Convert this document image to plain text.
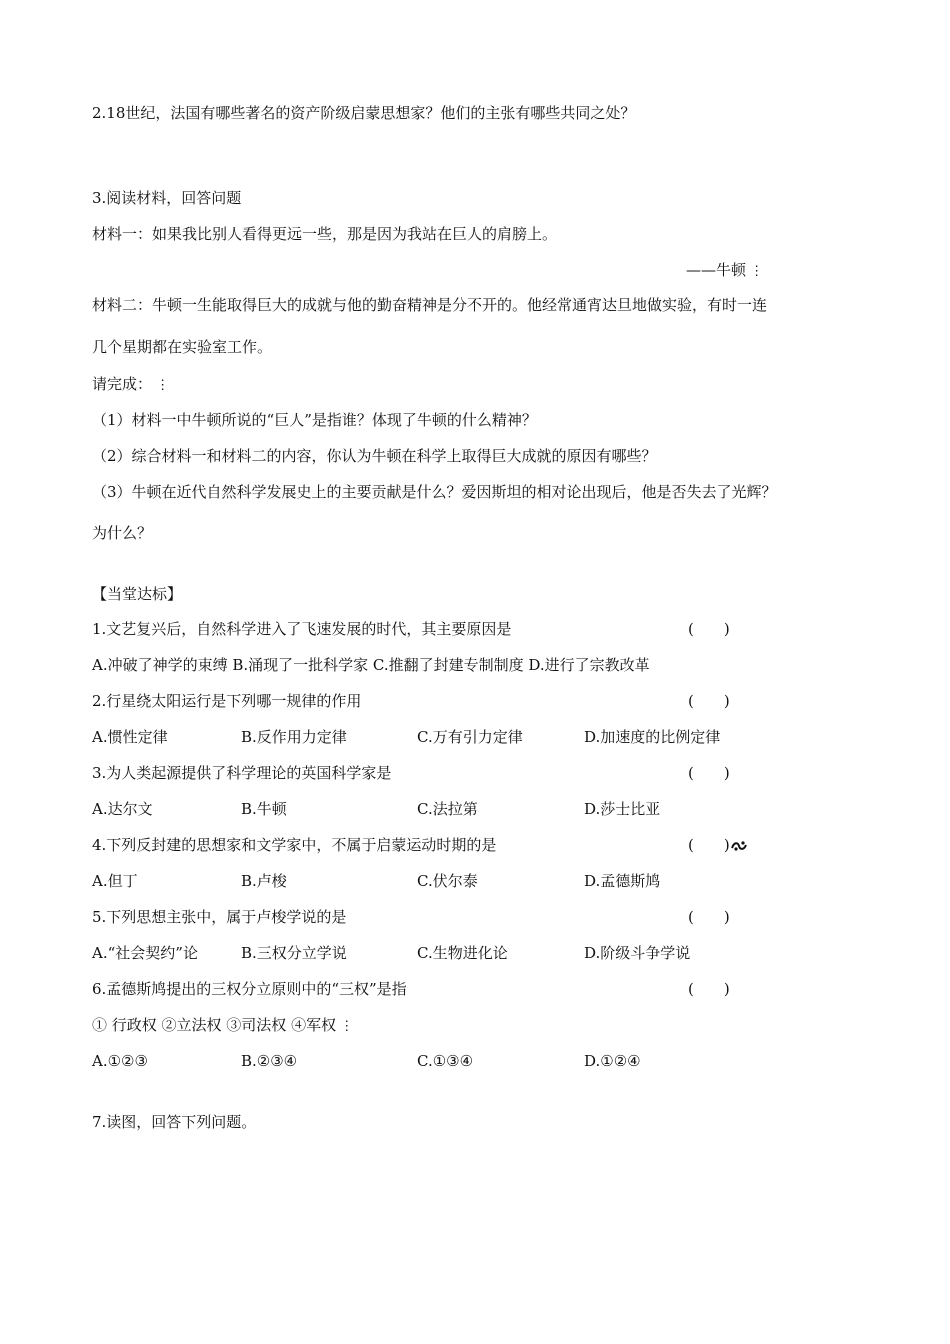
2.18世纪，法国有哪些著名的资产阶级启蒙思想家？他们的主张有哪些共同之处？
3.阅读材料，回答问题
材料一：如果我比别人看得更远一些，那是因为我站在巨人的肩膀上。
——牛顿 ⋮
材料二：牛顿一生能取得巨大的成就与他的勤奋精神是分不开的。他经常通宵达旦地做实验，有时一连
几个星期都在实验室工作。
请完成： ⋮
（1）材料一中牛顿所说的“巨人”是指谁？体现了牛顿的什么精神？
（2）综合材料一和材料二的内容，你认为牛顿在科学上取得巨大成就的原因有哪些？
（3）牛顿在近代自然科学发展史上的主要贡献是什么？爱因斯坦的相对论出现后，他是否失去了光辉？
为什么？
【当堂达标】
1.文艺复兴后，自然科学进入了飞速发展的时代，其主要原因是	(　　)
A.冲破了神学的束缚 B.涌现了一批科学家 C.推翻了封建专制制度 D.进行了宗教改革
2.行星绕太阳运行是下列哪一规律的作用	(　　)
A.惯性定律	B.反作用力定律	C.万有引力定律	D.加速度的比例定律
3.为人类起源提供了科学理论的英国科学家是	(　　)
A.达尔文	B.牛顿	C.法拉第	D.莎士比亚
4.下列反封建的思想家和文学家中，不属于启蒙运动时期的是	(　　)
A.但丁	B.卢梭	C.伏尔泰	D.孟德斯鸠
5.下列思想主张中，属于卢梭学说的是	(　　)
A.“社会契约”论	B.三权分立学说	C.生物进化论	D.阶级斗争学说
6.孟德斯鸠提出的三权分立原则中的“三权”是指	(　　)
① 行政权 ②立法权 ③司法权 ④军权 ⋮
A.①②③	B.②③④	C.①③④	D.①②④
7.读图，回答下列问题。
